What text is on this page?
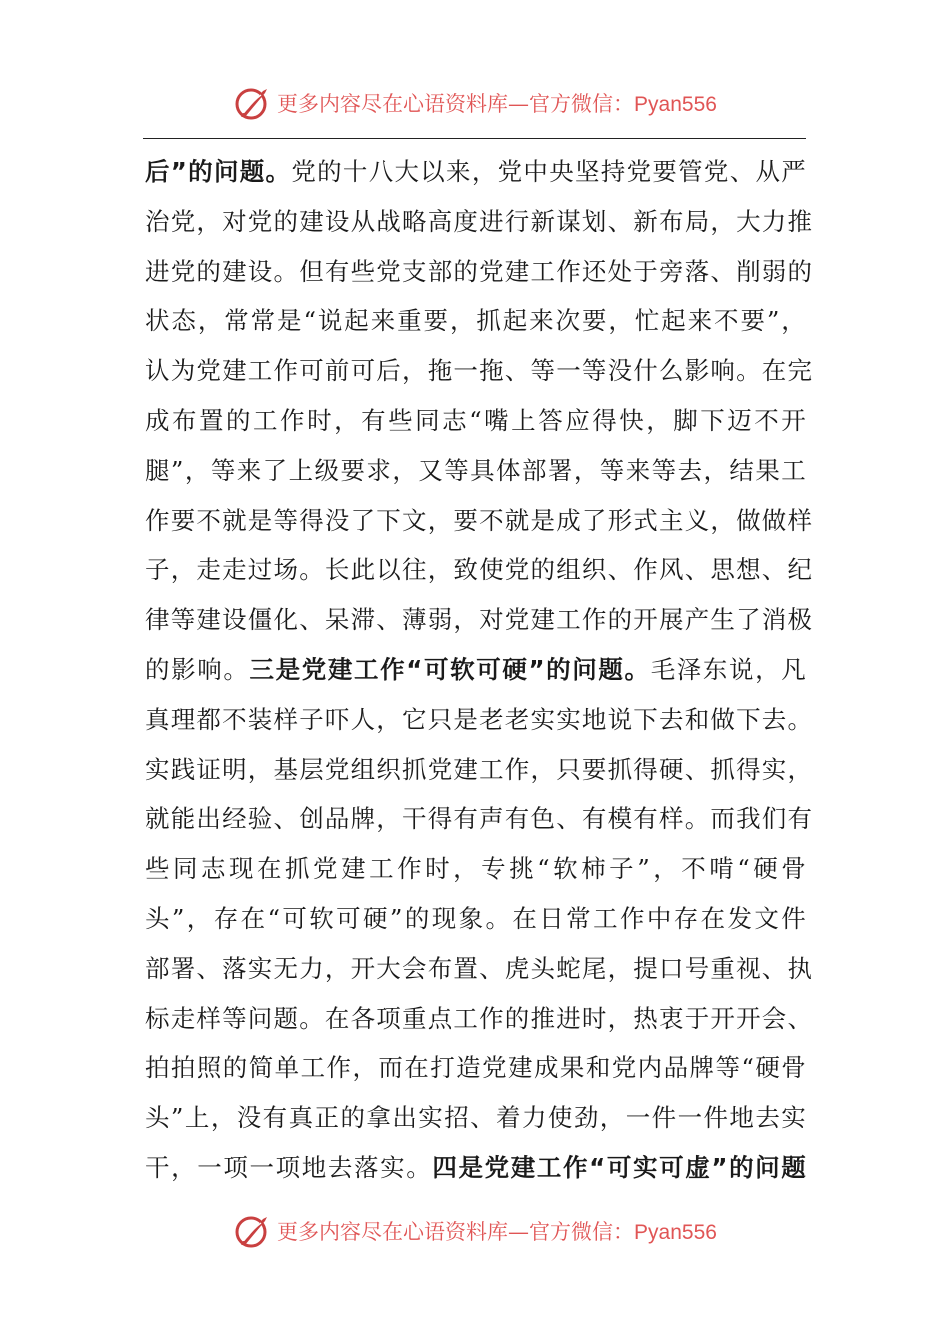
更多内容尽在心语资料库 — 官方微信： Pyan556
后”的问题。党的十八大以来，党中央坚持党要管党、从严
治党，对党的建设从战略高度进行新谋划、新布局，大力推
进党的建设。但有些党支部的党建工作还处于旁落、削弱的
状态，常常是“说起来重要，抓起来次要，忙起来不要”，
认为党建工作可前可后，拖一拖、等一等没什么影响。在完
成布置的工作时，有些同志“嘴上答应得快，脚下迈不开
腿”，等来了上级要求，又等具体部署，等来等去，结果工
作要不就是等得没了下文，要不就是成了形式主义，做做样
子，走走过场。长此以往，致使党的组织、作风、思想、纪
律等建设僵化、呆滞、薄弱，对党建工作的开展产生了消极
的影响。三是党建工作“可软可硬”的问题。毛泽东说，凡
真理都不装样子吓人，它只是老老实实地说下去和做下去。
实践证明，基层党组织抓党建工作，只要抓得硬、抓得实，
就能出经验、创品牌，干得有声有色、有模有样。而我们有
些同志现在抓党建工作时，专挑“软柿子”，不啃“硬骨
头”，存在“可软可硬”的现象。在日常工作中存在发文件
部署、落实无力，开大会布置、虎头蛇尾，提口号重视、执
标走样等问题。在各项重点工作的推进时，热衷于开开会、
拍拍照的简单工作，而在打造党建成果和党内品牌等“硬骨
头”上，没有真正的拿出实招、着力使劲，一件一件地去实
干，一项一项地去落实。四是党建工作“可实可虚”的问题
更多内容尽在心语资料库 — 官方微信： Pyan556
